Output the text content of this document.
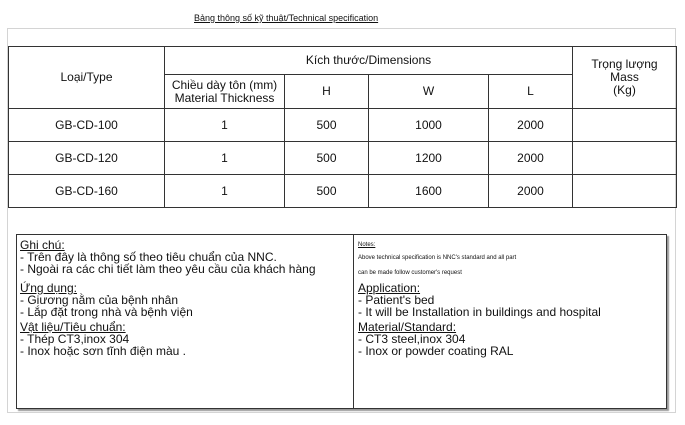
Bảng thông số kỹ thuật/Technical specification
Loại/Type	Kích thước/Dimensions				Trọng lượng
Mass
(Kg)

	Chiều dày tôn (mm)
Material Thickness	H	W	L	
GB-CD-100	1	500	1000	2000	
GB-CD-120	1	500	1200	2000	
GB-CD-160	1	500	1600	2000	
Ghi chú:
- Trên đây là thông số theo tiêu chuẩn của NNC.
- Ngoài ra các chi tiết làm theo yêu cầu của khách hàng
Ứng dụng:
- Giương nằm của bệnh nhân
- Lắp đặt trong nhà và bệnh viện
Vật liệu/Tiêu chuẩn:
- Thép CT3,inox 304
- Inox hoặc sơn tĩnh điện màu .
Notes:
Above technical specification is NNC's standard and all part
can be made follow customer's request
Application:
- Patient's bed
- It will be Installation in buildings and hospital
Material/Standard:
- CT3 steel,inox 304
- Inox or powder coating RAL
